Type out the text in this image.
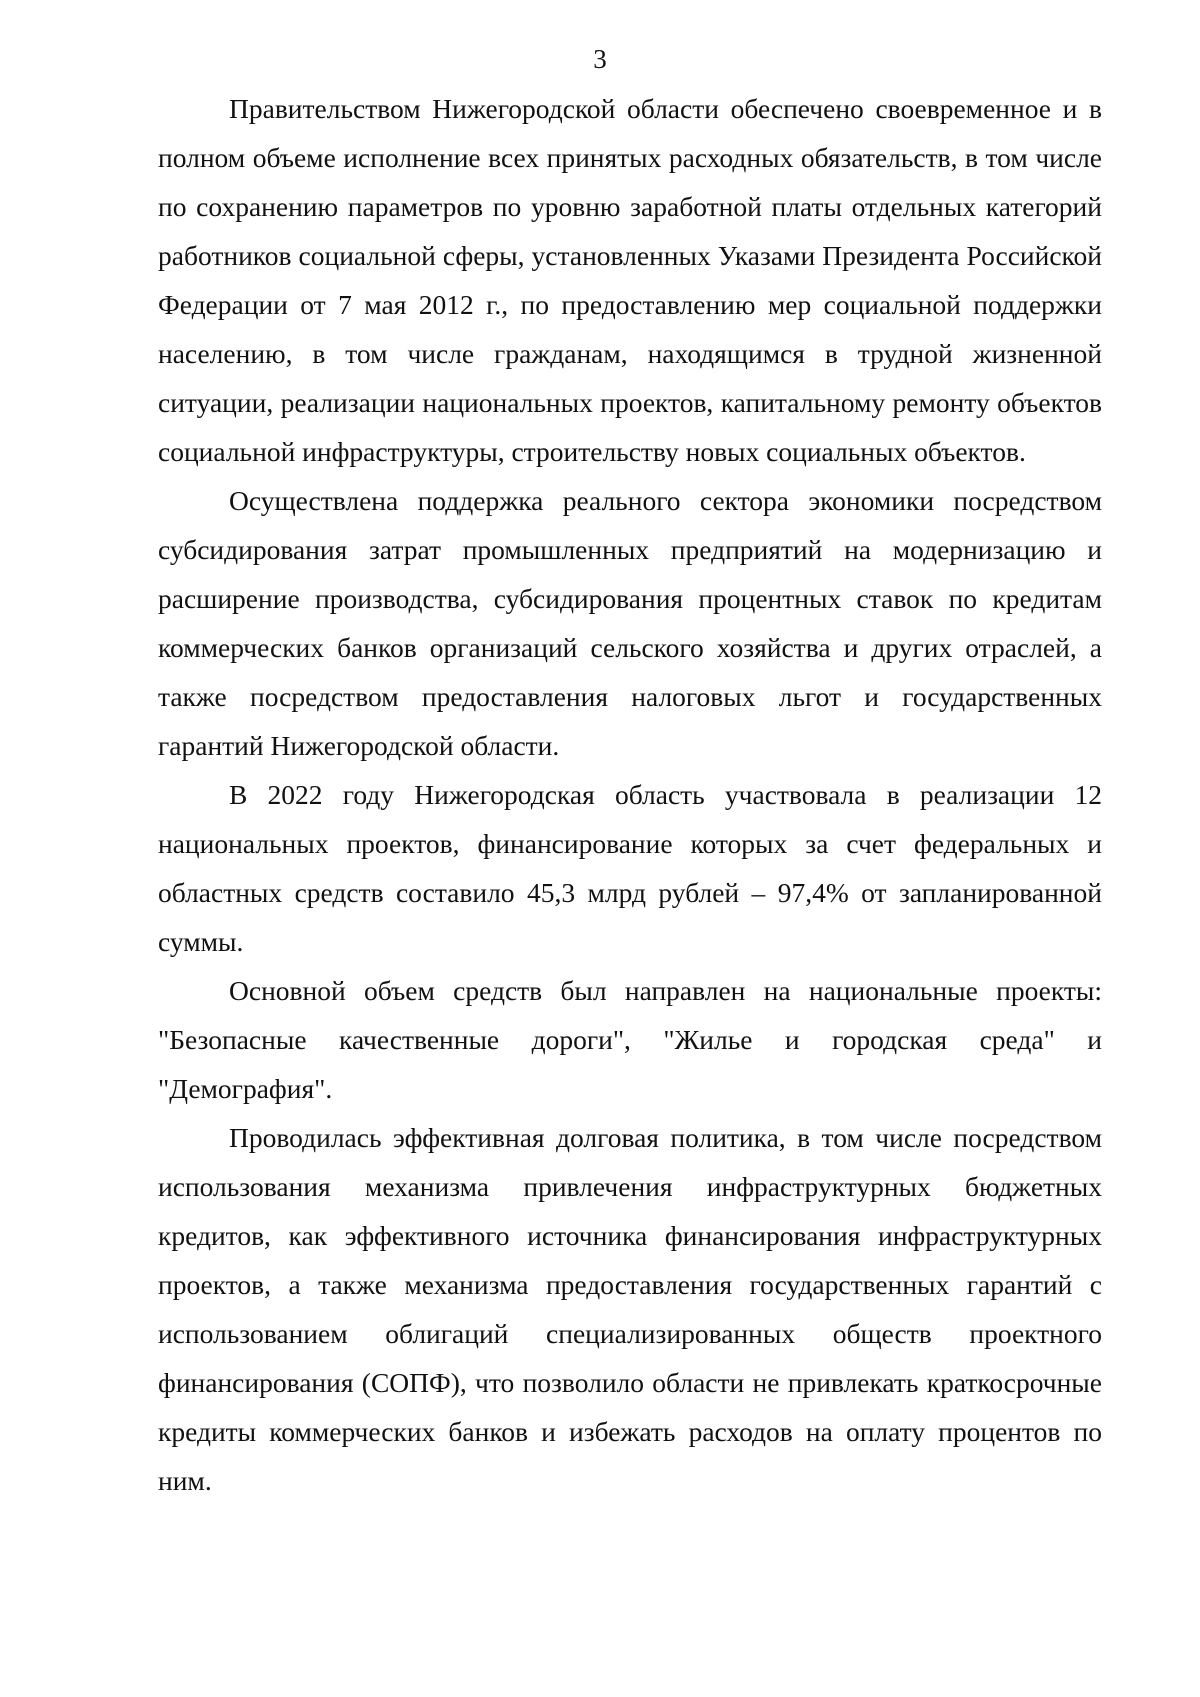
3

Правительством Нижегородской области обеспечено своевременное и в полном объеме исполнение всех принятых расходных обязательств, в том числе по сохранению параметров по уровню заработной платы отдельных категорий работников социальной сферы, установленных Указами Президента Российской Федерации от 7 мая 2012 г., по предоставлению мер социальной поддержки населению, в том числе гражданам, находящимся в трудной жизненной ситуации, реализации национальных проектов, капитальному ремонту объектов социальной инфраструктуры, строительству новых социальных объектов.

Осуществлена поддержка реального сектора экономики посредством субсидирования затрат промышленных предприятий на модернизацию и расширение производства, субсидирования процентных ставок по кредитам коммерческих банков организаций сельского хозяйства и других отраслей, а также посредством предоставления налоговых льгот и государственных гарантий Нижегородской области.

В 2022 году Нижегородская область участвовала в реализации 12 национальных проектов, финансирование которых за счет федеральных и областных средств составило 45,3 млрд рублей – 97,4% от запланированной суммы.

Основной объем средств был направлен на национальные проекты: "Безопасные качественные дороги", "Жилье и городская среда" и "Демография".

Проводилась эффективная долговая политика, в том числе посредством использования механизма привлечения инфраструктурных бюджетных кредитов, как эффективного источника финансирования инфраструктурных проектов, а также механизма предоставления государственных гарантий с использованием облигаций специализированных обществ проектного финансирования (СОПФ), что позволило области не привлекать краткосрочные кредиты коммерческих банков и избежать расходов на оплату процентов по ним.
